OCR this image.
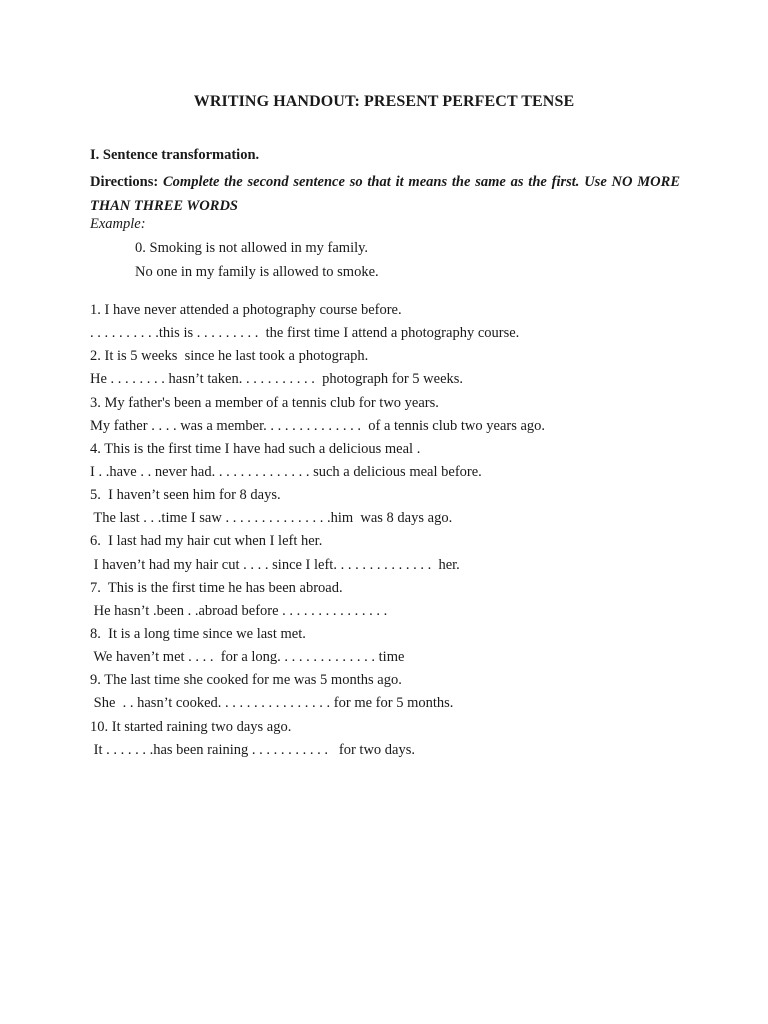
WRITING HANDOUT: PRESENT PERFECT TENSE
I. Sentence transformation.
Directions: Complete the second sentence so that it means the same as the first. Use NO MORE THAN THREE WORDS
Example:
0. Smoking is not allowed in my family.
No one in my family is allowed to smoke.
1. I have never attended a photography course before.
. . . . . . . . . .this is . . . . . . . . .  the first time I attend a photography course.
2. It is 5 weeks  since he last took a photograph.
He . . . . . . . . hasn’t taken. . . . . . . . . . .  photograph for 5 weeks.
3. My father's been a member of a tennis club for two years.
My father . . . . was a member. . . . . . . . . . . . . .  of a tennis club two years ago.
4. This is the first time I have had such a delicious meal .
I . .have . . never had. . . . . . . . . . . . . . such a delicious meal before.
5.  I haven’t seen him for 8 days.
The last . . .time I saw . . . . . . . . . . . . . . .him  was 8 days ago.
6.  I last had my hair cut when I left her.
I haven’t had my hair cut . . . . since I left. . . . . . . . . . . . . .  her.
7.  This is the first time he has been abroad.
He hasn’t .been . .abroad before . . . . . . . . . . . . . . .
8.  It is a long time since we last met.
We haven’t met . . . .  for a long. . . . . . . . . . . . . . time
9. The last time she cooked for me was 5 months ago.
She  . . hasn’t cooked. . . . . . . . . . . . . . . . for me for 5 months.
10. It started raining two days ago.
It . . . . . . .has been raining . . . . . . . . . . .   for two days.
